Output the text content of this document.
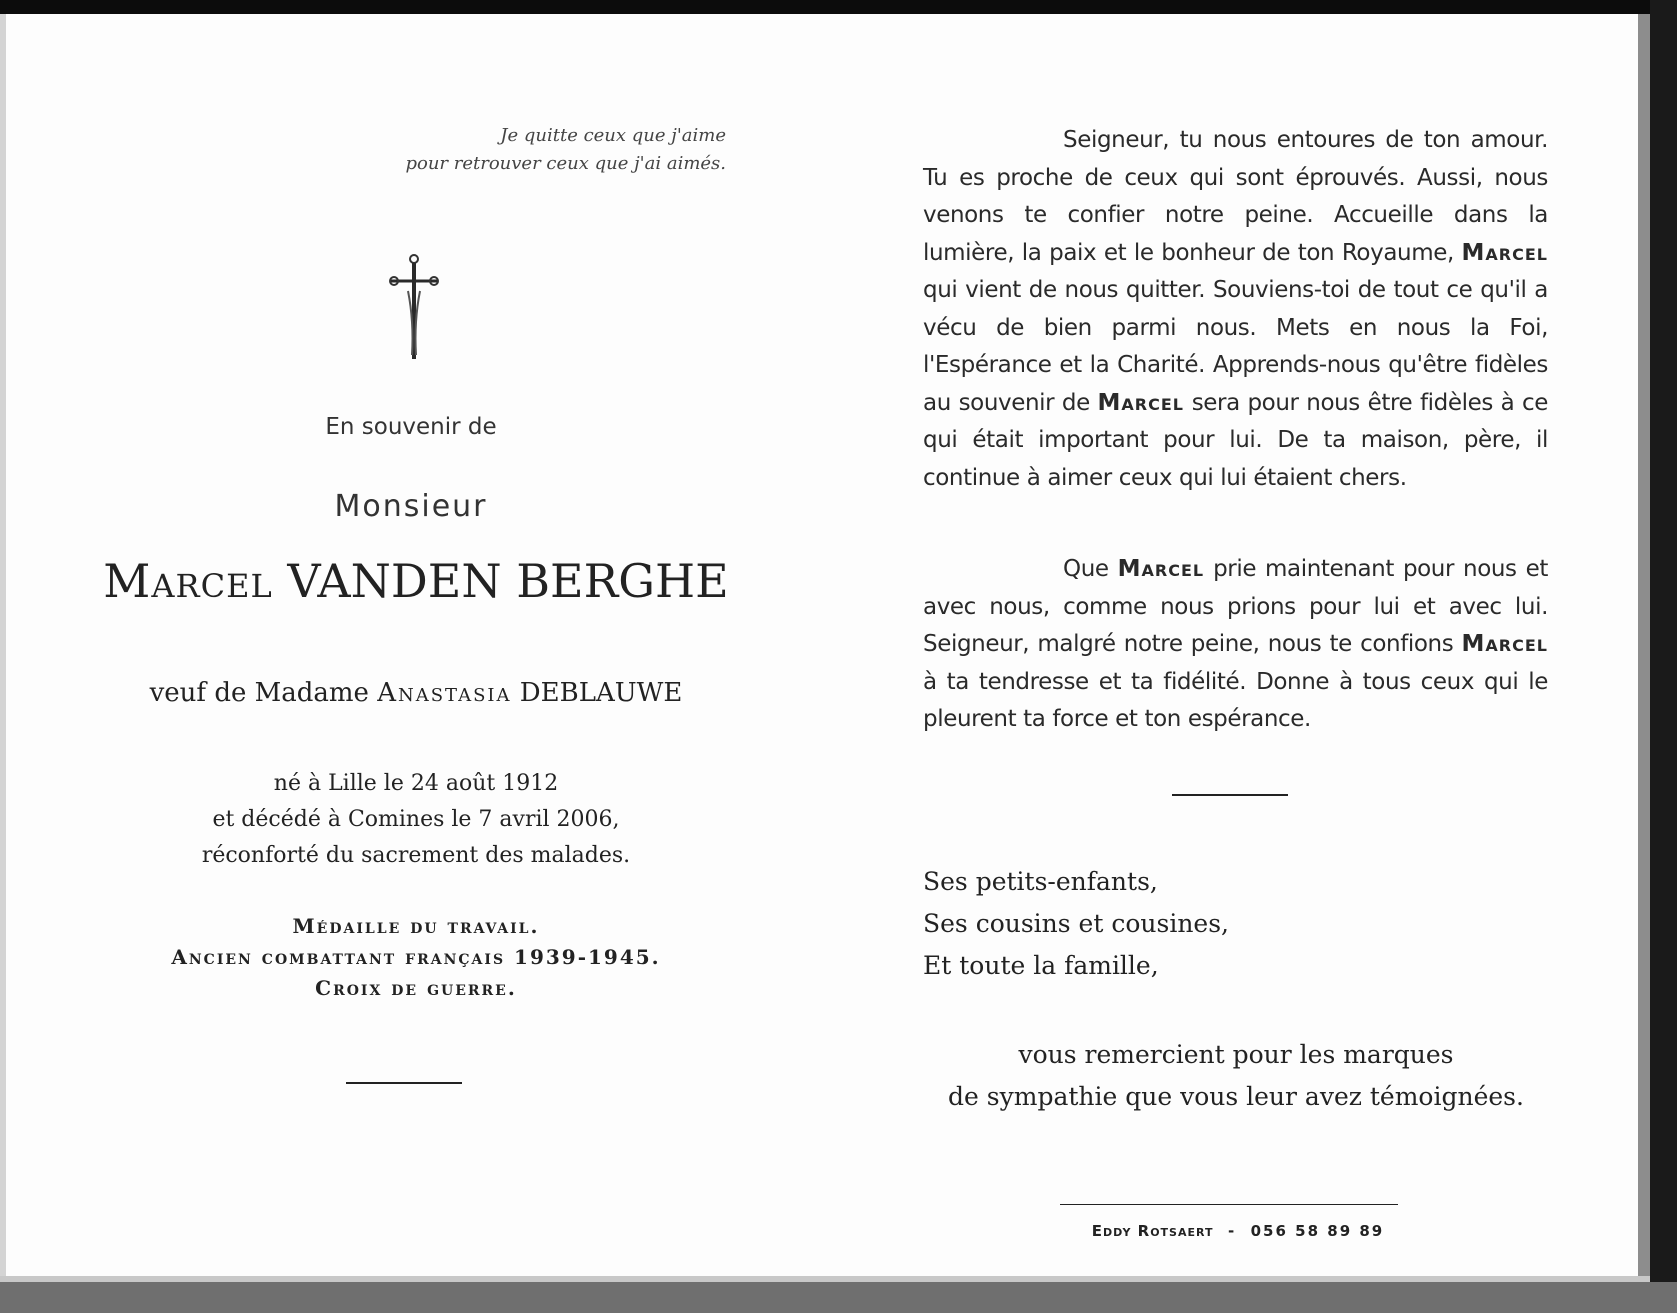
Je quitte ceux que j'aime
pour retrouver ceux que j'ai aimés.
En souvenir de
Monsieur
Marcel VANDEN BERGHE
veuf de Madame Anastasia DEBLAUWE
né à Lille le 24 août 1912
et décédé à Comines le 7 avril 2006,
réconforté du sacrement des malades.
Médaille du travail.
Ancien combattant français 1939-1945.
Croix de guerre.
Seigneur, tu nous entoures de ton amour. Tu es proche de ceux qui sont éprouvés. Aussi, nous venons te confier notre peine. Accueille dans la lumière, la paix et le bonheur de ton Royaume, Marcel qui vient de nous quitter. Souviens-toi de tout ce qu'il a vécu de bien parmi nous. Mets en nous la Foi, l'Espérance et la Charité. Apprends-nous qu'être fidèles au souvenir de Marcel sera pour nous être fidèles à ce qui était important pour lui. De ta maison, père, il continue à aimer ceux qui lui étaient chers.
Que Marcel prie maintenant pour nous et avec nous, comme nous prions pour lui et avec lui. Seigneur, malgré notre peine, nous te confions Marcel à ta tendresse et ta fidélité. Donne à tous ceux qui le pleurent ta force et ton espérance.
Ses petits-enfants,
Ses cousins et cousines,
Et toute la famille,
vous remercient pour les marques
de sympathie que vous leur avez témoignées.
Eddy Rotsaert - 056 58 89 89
